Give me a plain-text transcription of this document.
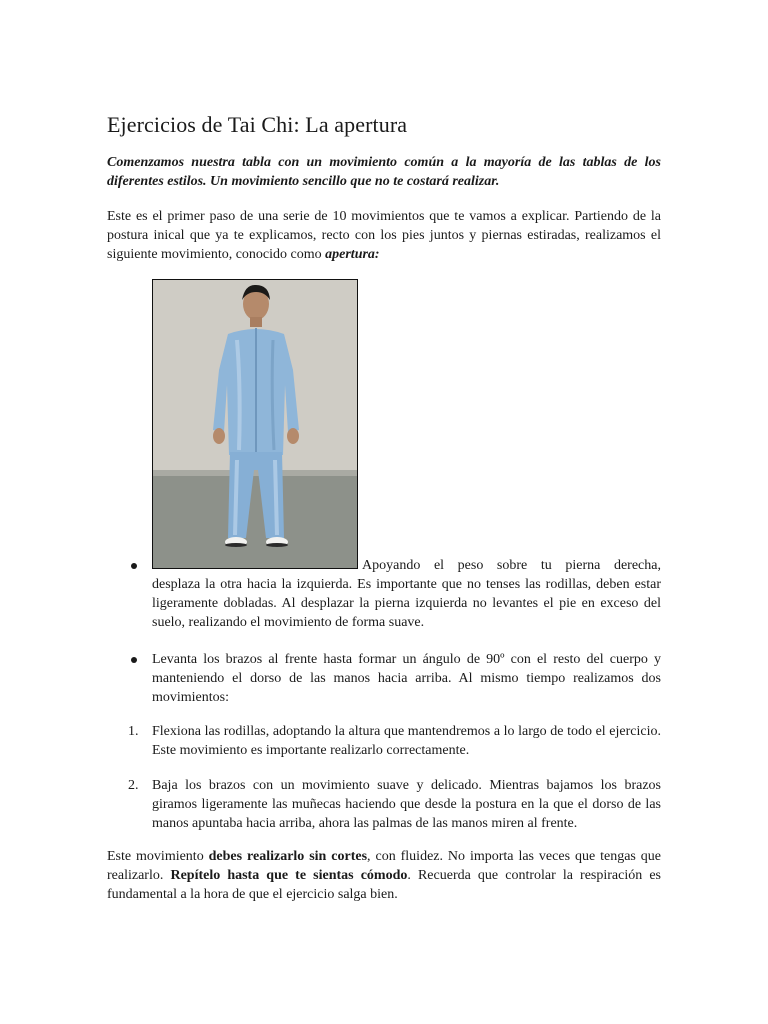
Ejercicios de Tai Chi: La apertura

Comenzamos nuestra tabla con un movimiento común a la mayoría de las tablas de los diferentes estilos. Un movimiento sencillo que no te costará realizar.

Este es el primer paso de una serie de 10 movimientos que te vamos a explicar. Partiendo de la postura inical que ya te explicamos, recto con los pies juntos y piernas estiradas, realizamos el siguiente movimiento, conocido como apertura:

Apoyando el peso sobre tu pierna derecha,

desplaza la otra hacia la izquierda. Es importante que no tenses las rodillas, deben estar ligeramente dobladas. Al desplazar la pierna izquierda no levantes el pie en exceso del suelo, realizando el movimiento de forma suave.

Levanta los brazos al frente hasta formar un ángulo de 90º con el resto del cuerpo y manteniendo el dorso de las manos hacia arriba. Al mismo tiempo realizamos dos movimientos:

1. Flexiona las rodillas, adoptando la altura que mantendremos a lo largo de todo el ejercicio. Este movimiento es importante realizarlo correctamente.

2. Baja los brazos con un movimiento suave y delicado. Mientras bajamos los brazos giramos ligeramente las muñecas haciendo que desde la postura en la que el dorso de las manos apuntaba hacia arriba, ahora las palmas de las manos miren al frente.

Este movimiento debes realizarlo sin cortes, con fluidez. No importa las veces que tengas que realizarlo. Repítelo hasta que te sientas cómodo. Recuerda que controlar la respiración es fundamental a la hora de que el ejercicio salga bien.
